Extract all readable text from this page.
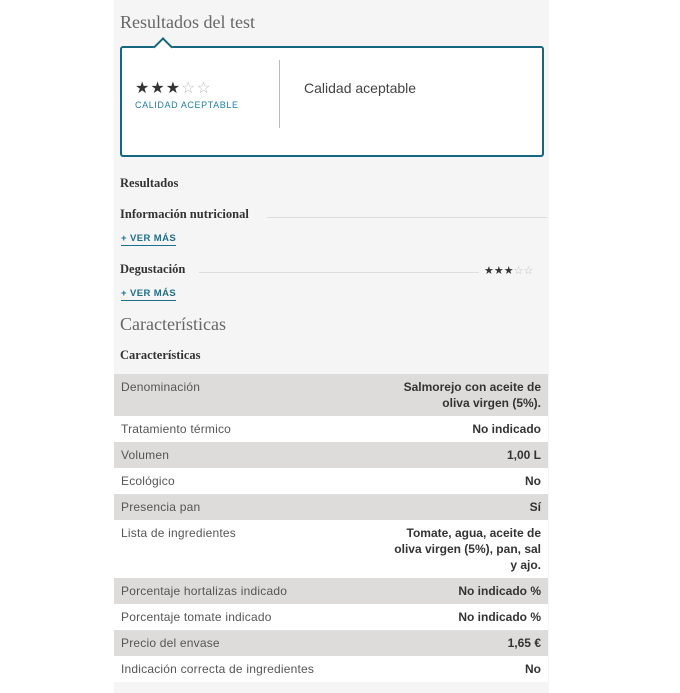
Resultados del test
★★★☆☆
CALIDAD ACEPTABLE
Calidad aceptable
Resultados
Información nutricional
+ VER MÁS
Degustación	★★★☆☆
+ VER MÁS
Características
Características
Denominación	Salmorejo con aceite de oliva virgen (5%).
Tratamiento térmico	No indicado
Volumen	1,00 L
Ecológico	No
Presencia pan	Sí
Lista de ingredientes	Tomate, agua, aceite de oliva virgen (5%), pan, sal y ajo.
Porcentaje hortalizas indicado	No indicado %
Porcentaje tomate indicado	No indicado %
Precio del envase	1,65 €
Indicación correcta de ingredientes	No
